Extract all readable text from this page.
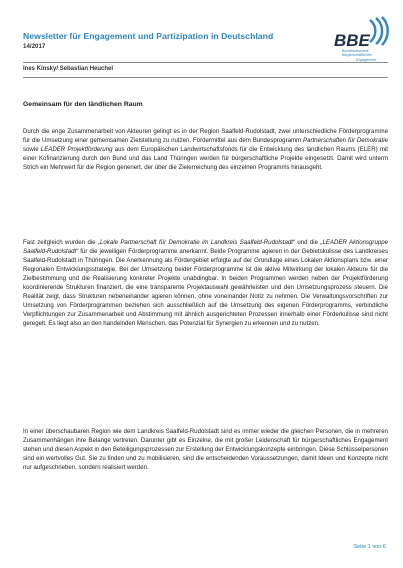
Newsletter für Engagement und Partizipation in Deutschland
14/2017	BBE
Bundesnetzwerk
Bürgerschaftliches
Engagement
Ines Kinsky/ Sebastian Heuchel
Gemeinsam für den ländlichen Raum
Durch die enge Zusammenarbeit von Akteuren gelingt es in der Region Saalfeld-Rudolstadt, zwei unterschiedliche Förderprogramme für die Umsetzung einer gemeinsamen Zielstellung zu nutzen. Fördermittel aus dem Bundesprogramm Partnerschaften für Demokratie sowie LEADER Projektförderung aus dem Europäischen Landwirtschaftsfonds für die Entwicklung des ländlichen Raums (ELER) mit einer Kofinanzierung durch den Bund und das Land Thüringen werden für bürgerschaftliche Projekte eingesetzt. Damit wird unterm Strich ein Mehrwert für die Region generiert, der über die Zielerreichung des einzelnen Programms hinausgeht.
Fast zeitgleich wurden die „Lokale Partnerschaft für Demokratie im Landkreis Saalfeld-Rudolstadt“ und die „LEADER Aktionsgruppe Saalfeld-Rudolstadt“ für die jeweiligen Förderprogramme anerkannt. Beide Programme agieren in der Gebietskulisse des Landkreises Saalfeld-Rudolstadt in Thüringen. Die Anerkennung als Fördergebiet erfolgte auf der Grundlage eines Lokalen Aktionsplans bzw. einer Regionalen Entwicklungsstrategie. Bei der Umsetzung beider Förderprogramme ist die aktive Mitwirkung der lokalen Akteure für die Zielbestimmung und die Realisierung konkreter Projekte unabdingbar. In beiden Programmen werden neben der Projektförderung koordinierende Strukturen finanziert, die eine transparente Projektauswahl gewährleisten und den Umsetzungsprozess steuern. Die Realität zeigt, dass Strukturen nebeneinander agieren können, ohne voneinander Notiz zu nehmen. Die Verwaltungsvorschriften zur Umsetzung von Förderprogrammen beziehen sich ausschließlich auf die Umsetzung des eigenen Förderprogramms, verbindliche Verpflichtungen zur Zusammenarbeit und Abstimmung mit ähnlich ausgerichteten Prozessen innerhalb einer Förderkulisse sind nicht geregelt. Es liegt also an den handelnden Menschen, das Potenzial für Synergien zu erkennen und zu nutzen.
In einer überschaubaren Region wie dem Landkreis Saalfeld-Rudolstadt sind es immer wieder die gleichen Personen, die in mehreren Zusammenhängen ihre Belange vertreten. Darunter gibt es Einzelne, die mit großer Leidenschaft für bürgerschaftliches Engagement stehen und diesen Aspekt in den Beteiligungsprozessen zur Erstellung der Entwicklungskonzepte einbringen. Diese Schlüsselpersonen sind ein wertvolles Gut. Sie zu finden und zu mobilisieren, sind die entscheidenden Voraussetzungen, damit Ideen und Konzepte nicht nur aufgeschrieben, sondern realisiert werden.
Seite 1 von 6
